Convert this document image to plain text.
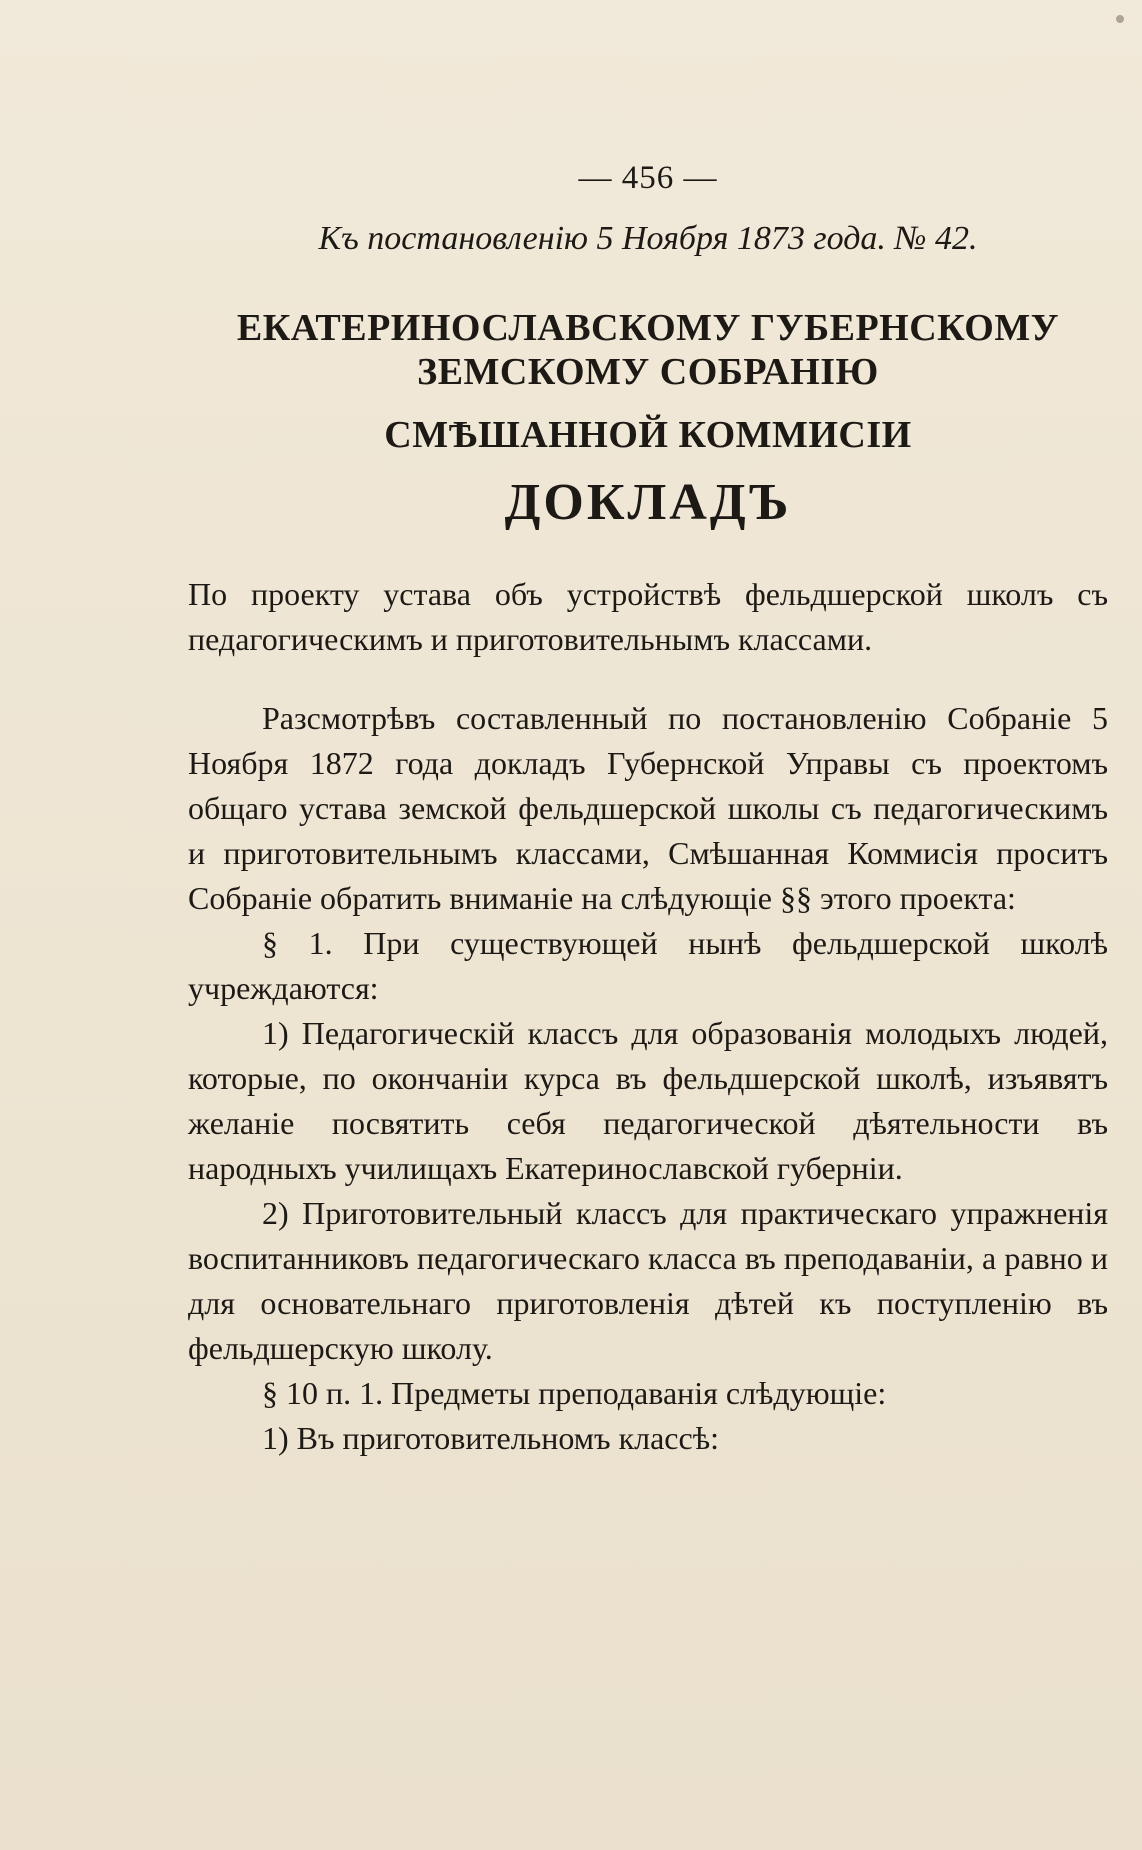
— 456 —
Къ постановленію 5 Ноября 1873 года. № 42.
ЕКАТЕРИНОСЛАВСКОМУ ГУБЕРНСКОМУ ЗЕМСКОМУ СОБРАНІЮ
СМѢШАННОЙ КОММИСІИ
ДОКЛАДЪ

По проекту устава объ устройствѣ фельдшерской школъ съ педагогическимъ и приготовительнымъ классами.

Разсмотрѣвъ составленный по постановленію Собраніе 5 Ноября 1872 года докладъ Губернской Управы съ проектомъ общаго устава земской фельдшерской школы съ педагогическимъ и приготовительнымъ классами, Смѣшанная Коммисія проситъ Собраніе обратить вниманіе на слѣдующіе §§ этого проекта:

§ 1. При существующей нынѣ фельдшерской школѣ учреждаются:

1) Педагогическій классъ для образованія молодыхъ людей, которые, по окончаніи курса въ фельдшерской школѣ, изъявятъ желаніе посвятить себя педагогической дѣятельности въ народныхъ училищахъ Екатеринославской губерніи.

2) Приготовительный классъ для практическаго упражненія воспитанниковъ педагогическаго класса въ преподаваніи, а равно и для основательнаго приготовленія дѣтей къ поступленію въ фельдшерскую школу.

§ 10 п. 1. Предметы преподаванія слѣдующіе:

1) Въ приготовительномъ классѣ:
